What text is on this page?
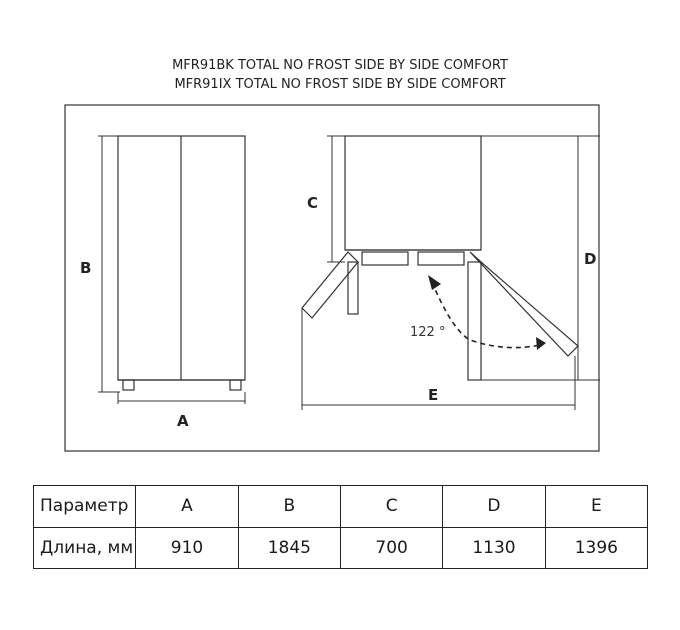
MFR91BK TOTAL NO FROST SIDE BY SIDE COMFORT
MFR91IX TOTAL NO FROST SIDE BY SIDE COMFORT
B
A
C
D
E
122 °
Параметр	A	B	C	D	E
Длина, мм	910	1845	700	1130	1396
